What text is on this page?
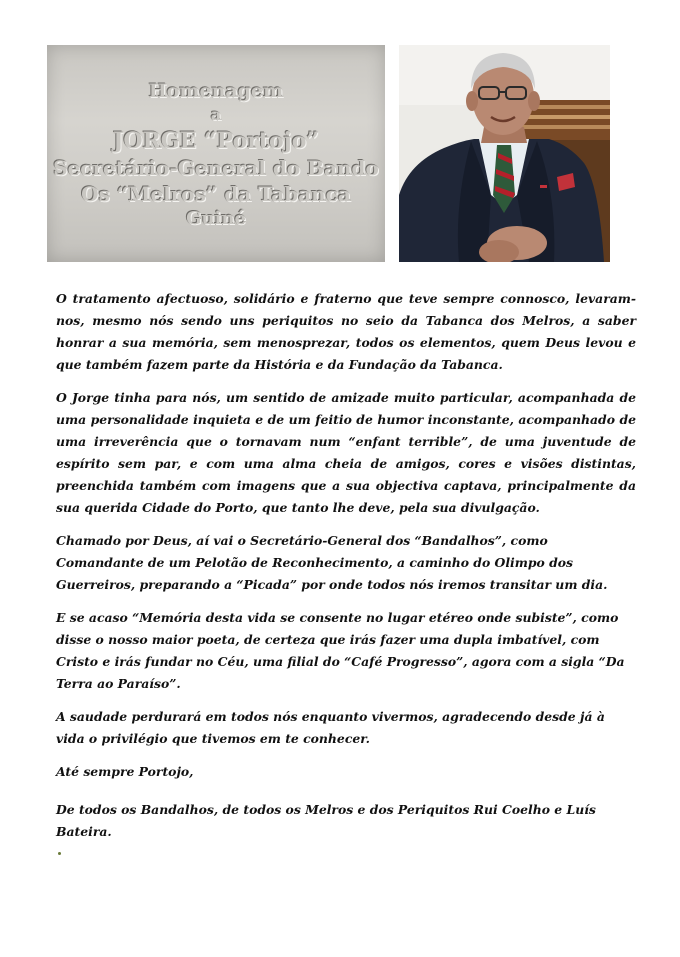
Homenagem
a
JORGE “Portojo”
Secretário-General do Bando
Os “Melros” da Tabanca
Guiné

O tratamento afectuoso, solidário e fraterno que teve sempre connosco, levaram-nos, mesmo nós sendo uns periquitos no seio da Tabanca dos Melros, a saber honrar a sua memória, sem menosprezar, todos os elementos, quem Deus levou e que também fazem parte da História e da Fundação da Tabanca.

O Jorge tinha para nós, um sentido de amizade muito particular, acompanhada de uma personalidade inquieta e de um feitio de humor inconstante, acompanhado de uma irreverência que o tornavam num “enfant terrible”, de uma juventude de espírito sem par, e com uma alma cheia de amigos, cores e visões distintas, preenchida também com imagens que a sua objectiva captava, principalmente da sua querida Cidade do Porto, que tanto lhe deve, pela sua divulgação.

Chamado por Deus, aí vai o Secretário-General dos “Bandalhos”, como Comandante de um Pelotão de Reconhecimento, a caminho do Olimpo dos Guerreiros, preparando a “Picada” por onde todos nós iremos transitar um dia.

E se acaso “Memória desta vida se consente no lugar etéreo onde subiste”, como disse o nosso maior poeta, de certeza que irás fazer uma dupla imbatível, com Cristo e irás fundar no Céu, uma filial do “Café Progresso”, agora com a sigla “Da Terra ao Paraíso”.

A saudade perdurará em todos nós enquanto vivermos, agradecendo desde já à vida o privilégio que tivemos em te conhecer.

Até sempre Portojo,

De todos os Bandalhos, de todos os Melros e dos Periquitos Rui Coelho e Luís Bateira.
